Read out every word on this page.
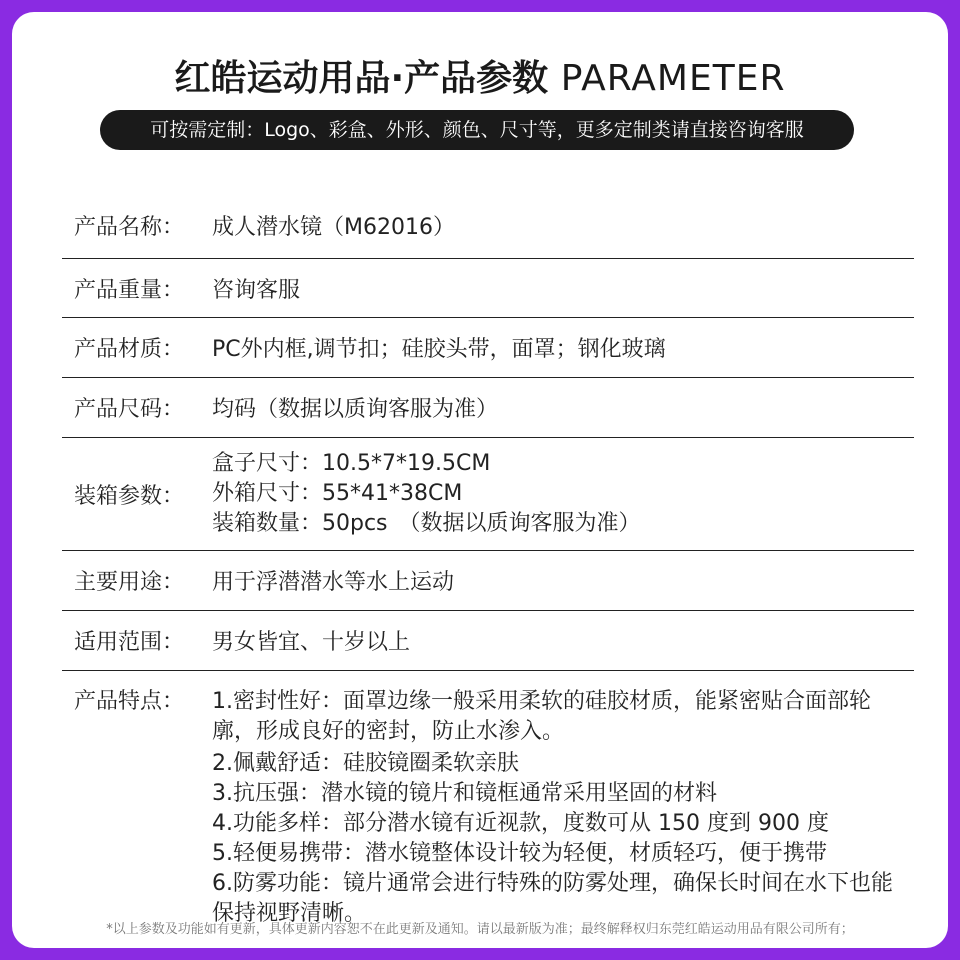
红皓运动用品·产品参数 PARAMETER
可按需定制：Logo、彩盒、外形、颜色、尺寸等，更多定制类请直接咨询客服
产品名称：	成人潜水镜（M62016）
产品重量：	咨询客服
产品材质：	PC外内框,调节扣；硅胶头带，面罩；钢化玻璃
产品尺码：	均码（数据以质询客服为准）
装箱参数：
盒子尺寸：10.5*7*19.5CM
外箱尺寸：55*41*38CM
装箱数量：50pcs　（数据以质询客服为准）
主要用途：	用于浮潜潜水等水上运动
适用范围：	男女皆宜、十岁以上
产品特点：	1.密封性好：面罩边缘一般采用柔软的硅胶材质，能紧密贴合面部轮廓，形成良好的密封，防止水渗入。
2.佩戴舒适：硅胶镜圈柔软亲肤
3.抗压强：潜水镜的镜片和镜框通常采用坚固的材料
4.功能多样：部分潜水镜有近视款，度数可从 150 度到 900 度
5.轻便易携带：潜水镜整体设计较为轻便，材质轻巧，便于携带
6.防雾功能：镜片通常会进行特殊的防雾处理，确保长时间在水下也能保持视野清晰。
*以上参数及功能如有更新，具体更新内容恕不在此更新及通知。请以最新版为准；最终解释权归东莞红皓运动用品有限公司所有；
